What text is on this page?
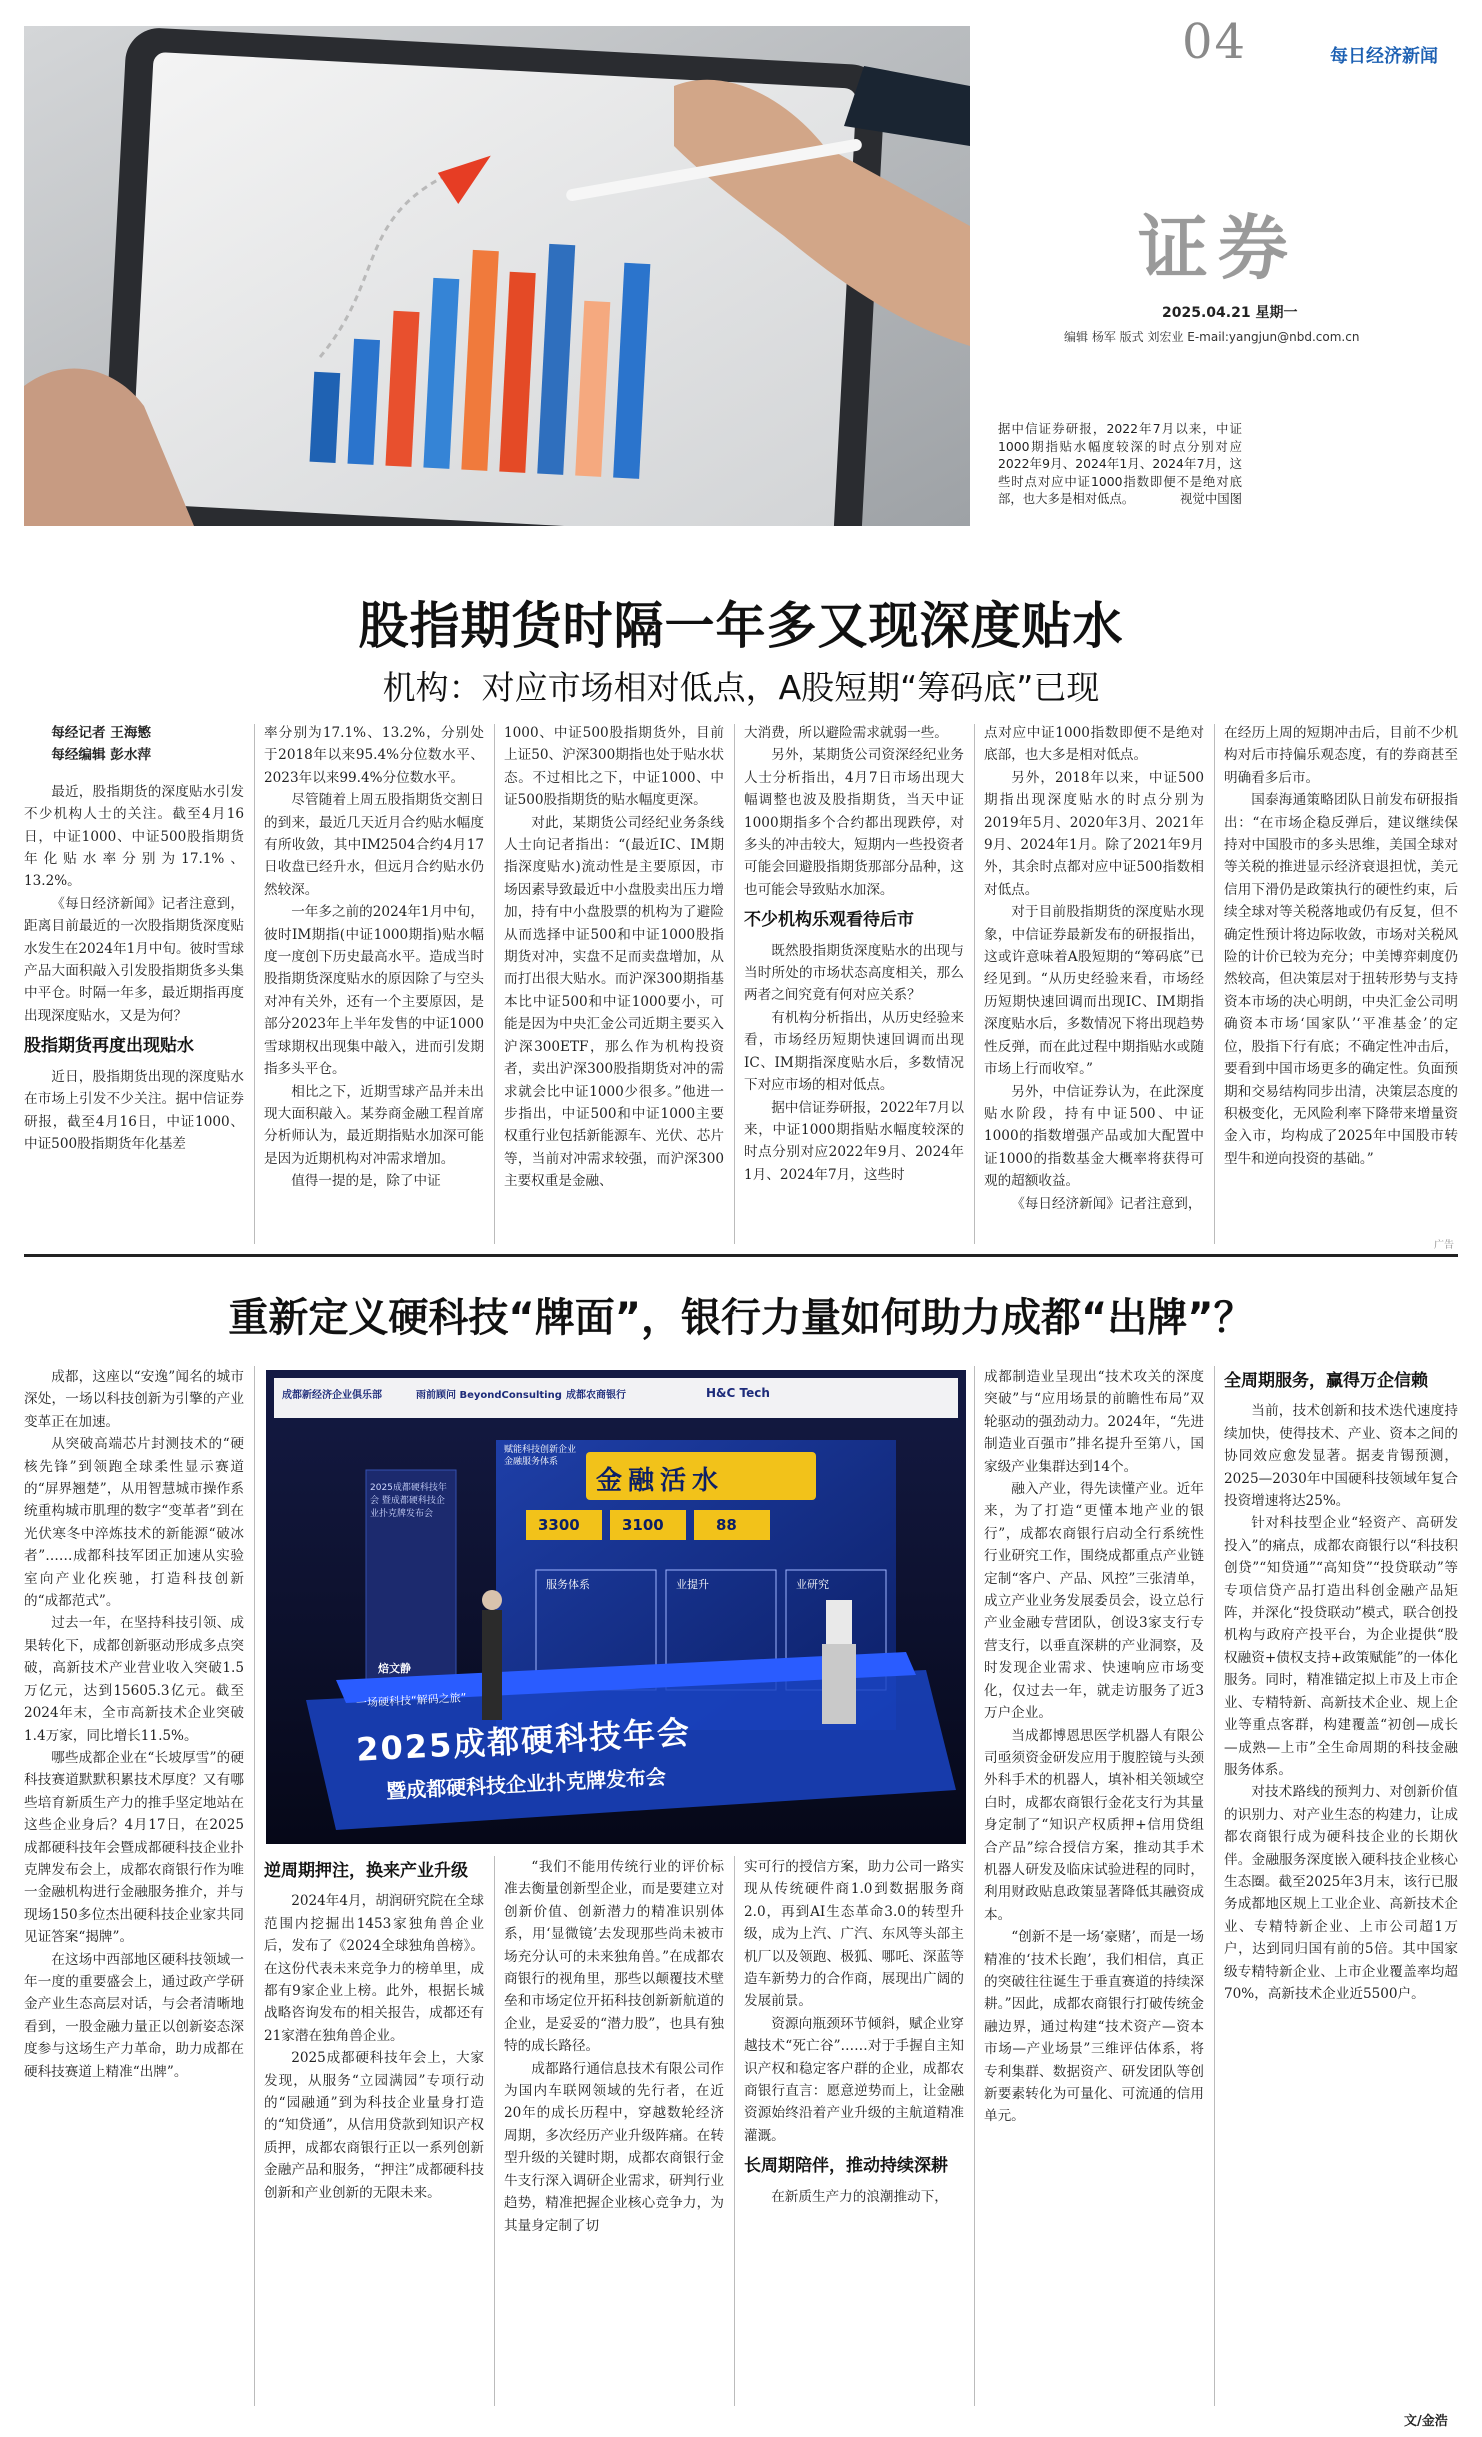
04	每日经济新闻
证券
2025.04.21 星期一
编辑 杨军 版式 刘宏业 E-mail:yangjun@nbd.com.cn
据中信证券研报，2022年7月以来，中证1000期指贴水幅度较深的时点分别对应2022年9月、2024年1月、2024年7月，这些时点对应中证1000指数即便不是绝对底部，也大多是相对低点。	视觉中国图
股指期货时隔一年多又现深度贴水
机构：对应市场相对低点，A股短期“筹码底”已现

每经记者 王海慜

每经编辑 彭水萍

最近，股指期货的深度贴水引发不少机构人士的关注。截至4月16日，中证1000、中证500股指期货年化贴水率分别为17.1%、13.2%。

《每日经济新闻》记者注意到，距离目前最近的一次股指期货深度贴水发生在2024年1月中旬。彼时雪球产品大面积敲入引发股指期货多头集中平仓。时隔一年多，最近期指再度出现深度贴水，又是为何？

股指期货再度出现贴水

近日，股指期货出现的深度贴水在市场上引发不少关注。据中信证券研报，截至4月16日，中证1000、中证500股指期货年化基差

率分别为17.1%、13.2%，分别处于2018年以来95.4%分位数水平、2023年以来99.4%分位数水平。

尽管随着上周五股指期货交割日的到来，最近几天近月合约贴水幅度有所收敛，其中IM2504合约4月17日收盘已经升水，但远月合约贴水仍然较深。

一年多之前的2024年1月中旬，彼时IM期指(中证1000期指)贴水幅度一度创下历史最高水平。造成当时股指期货深度贴水的原因除了与空头对冲有关外，还有一个主要原因，是部分2023年上半年发售的中证1000雪球期权出现集中敲入，进而引发期指多头平仓。

相比之下，近期雪球产品并未出现大面积敲入。某券商金融工程首席分析师认为，最近期指贴水加深可能是因为近期机构对冲需求增加。

值得一提的是，除了中证

1000、中证500股指期货外，目前上证50、沪深300期指也处于贴水状态。不过相比之下，中证1000、中证500股指期货的贴水幅度更深。

对此，某期货公司经纪业务条线人士向记者指出：“(最近IC、IM期指深度贴水)流动性是主要原因，市场因素导致最近中小盘股卖出压力增加，持有中小盘股票的机构为了避险从而选择中证500和中证1000股指期货对冲，实盘不足而卖盘增加，从而打出很大贴水。而沪深300期指基本比中证500和中证1000要小，可能是因为中央汇金公司近期主要买入沪深300ETF，那么作为机构投资者，卖出沪深300股指期货对冲的需求就会比中证1000少很多。”他进一步指出，中证500和中证1000主要权重行业包括新能源车、光伏、芯片等，当前对冲需求较强，而沪深300主要权重是金融、

大消费，所以避险需求就弱一些。

另外，某期货公司资深经纪业务人士分析指出，4月7日市场出现大幅调整也波及股指期货，当天中证1000期指多个合约都出现跌停，对多头的冲击较大，短期内一些投资者可能会回避股指期货那部分品种，这也可能会导致贴水加深。

不少机构乐观看待后市

既然股指期货深度贴水的出现与当时所处的市场状态高度相关，那么两者之间究竟有何对应关系？

有机构分析指出，从历史经验来看，市场经历短期快速回调而出现IC、IM期指深度贴水后，多数情况下对应市场的相对低点。

据中信证券研报，2022年7月以来，中证1000期指贴水幅度较深的时点分别对应2022年9月、2024年1月、2024年7月，这些时

点对应中证1000指数即便不是绝对底部，也大多是相对低点。

另外，2018年以来，中证500期指出现深度贴水的时点分别为2019年5月、2020年3月、2021年9月、2024年1月。除了2021年9月外，其余时点都对应中证500指数相对低点。

对于目前股指期货的深度贴水现象，中信证券最新发布的研报指出，这或许意味着A股短期的“筹码底”已经见到。“从历史经验来看，市场经历短期快速回调而出现IC、IM期指深度贴水后，多数情况下将出现趋势性反弹，而在此过程中期指贴水或随市场上行而收窄。”

另外，中信证券认为，在此深度贴水阶段，持有中证500、中证1000的指数增强产品或加大配置中证1000的指数基金大概率将获得可观的超额收益。

《每日经济新闻》记者注意到，

在经历上周的短期冲击后，目前不少机构对后市持偏乐观态度，有的券商甚至明确看多后市。

国泰海通策略团队日前发布研报指出：“在市场企稳反弹后，建议继续保持对中国股市的多头思维，美国全球对等关税的推进显示经济衰退担忧，美元信用下滑仍是政策执行的硬性约束，后续全球对等关税落地或仍有反复，但不确定性预计将边际收敛，市场对关税风险的计价已较为充分；中美博弈刺度仍然较高，但决策层对于扭转形势与支持资本市场的决心明朗，中央汇金公司明确资本市场‘国家队’‘平准基金’的定位，股指下行有底；不确定性冲击后，要看到中国市场更多的确定性。负面预期和交易结构同步出清，决策层态度的积极变化，无风险利率下降带来增量资金入市，均构成了2025年中国股市转型牛和逆向投资的基础。”

广告
重新定义硬科技“牌面”，银行力量如何助力成都“出牌”？

成都，这座以“安逸”闻名的城市深处，一场以科技创新为引擎的产业变革正在加速。

从突破高端芯片封测技术的“硬核先锋”到领跑全球柔性显示赛道的“屏界翘楚”，从用智慧城市操作系统重构城市肌理的数字“变革者”到在光伏寒冬中淬炼技术的新能源“破冰者”……成都科技军团正加速从实验室向产业化疾驰，打造科技创新的“成都范式”。

过去一年，在坚持科技引领、成果转化下，成都创新驱动形成多点突破，高新技术产业营业收入突破1.5万亿元，达到15605.3亿元。截至2024年末，全市高新技术企业突破1.4万家，同比增长11.5%。

哪些成都企业在“长坡厚雪”的硬科技赛道默默积累技术厚度？又有哪些培育新质生产力的推手坚定地站在这些企业身后？4月17日，在2025成都硬科技年会暨成都硬科技企业扑克牌发布会上，成都农商银行作为唯一金融机构进行金融服务推介，并与现场150多位杰出硬科技企业家共同见证答案“揭牌”。

在这场中西部地区硬科技领域一年一度的重要盛会上，通过政产学研金产业生态高层对话，与会者清晰地看到，一股金融力量正以创新姿态深度参与这场生产力革命，助力成都在硬科技赛道上精准“出牌”。

成都新经济企业俱乐部	雨前顾问 BeyondConsulting 成都农商银行	H&C Tech
2025成都硬科技年会 暨成都硬科技企业扑克牌发布会
金融活水
赋能科技创新企业 金融服务体系
3300	3100	88
服务体系	业提升	业研究
焙文静
一场硬科技“解码之旅”
2025成都硬科技年会
暨成都硬科技企业扑克牌发布会
逆周期押注，换来产业升级

2024年4月，胡润研究院在全球范围内挖掘出1453家独角兽企业后，发布了《2024全球独角兽榜》。在这份代表未来竞争力的榜单里，成都有9家企业上榜。此外，根据长城战略咨询发布的相关报告，成都还有21家潜在独角兽企业。

2025成都硬科技年会上，大家发现，从服务“立园满园”专项行动的“园融通”到为科技企业量身打造的“知贷通”，从信用贷款到知识产权质押，成都农商银行正以一系列创新金融产品和服务，“押注”成都硬科技创新和产业创新的无限未来。

“我们不能用传统行业的评价标准去衡量创新型企业，而是要建立对创新价值、创新潜力的精准识别体系，用‘显微镜’去发现那些尚未被市场充分认可的未来独角兽。”在成都农商银行的视角里，那些以颠覆技术壁垒和市场定位开拓科技创新新航道的企业，是妥妥的“潜力股”，也具有独特的成长路径。

成都路行通信息技术有限公司作为国内车联网领域的先行者，在近20年的成长历程中，穿越数轮经济周期，多次经历产业升级阵痛。在转型升级的关键时期，成都农商银行金牛支行深入调研企业需求，研判行业趋势，精准把握企业核心竞争力，为其量身定制了切

实可行的授信方案，助力公司一路实现从传统硬件商1.0到数据服务商2.0，再到AI生态革命3.0的转型升级，成为上汽、广汽、东风等头部主机厂以及领跑、极狐、哪吒、深蓝等造车新势力的合作商，展现出广阔的发展前景。

资源向瓶颈环节倾斜，赋企业穿越技术“死亡谷”……对于手握自主知识产权和稳定客户群的企业，成都农商银行直言：愿意逆势而上，让金融资源始终沿着产业升级的主航道精准灌溉。

长周期陪伴，推动持续深耕

在新质生产力的浪潮推动下，

成都制造业呈现出“技术攻关的深度突破”与“应用场景的前瞻性布局”双轮驱动的强劲动力。2024年，“先进制造业百强市”排名提升至第八，国家级产业集群达到14个。

融入产业，得先读懂产业。近年来，为了打造“更懂本地产业的银行”，成都农商银行启动全行系统性行业研究工作，围绕成都重点产业链定制“客户、产品、风控”三张清单，成立产业业务发展委员会，设立总行产业金融专营团队，创设3家支行专营支行，以垂直深耕的产业洞察，及时发现企业需求、快速响应市场变化，仅过去一年，就走访服务了近3万户企业。

当成都博恩思医学机器人有限公司亟须资金研发应用于腹腔镜与头颈外科手术的机器人，填补相关领域空白时，成都农商银行金花支行为其量身定制了“知识产权质押+信用贷组合产品”综合授信方案，推动其手术机器人研发及临床试验进程的同时，利用财政贴息政策显著降低其融资成本。

“创新不是一场‘豪赌’，而是一场精准的‘技术长跑’，我们相信，真正的突破往往诞生于垂直赛道的持续深耕。”因此，成都农商银行打破传统金融边界，通过构建“技术资产—资本市场—产业场景”三维评估体系，将专利集群、数据资产、研发团队等创新要素转化为可量化、可流通的信用单元。

全周期服务，赢得万企信赖

当前，技术创新和技术迭代速度持续加快，使得技术、产业、资本之间的协同效应愈发显著。据麦肯锡预测，2025—2030年中国硬科技领域年复合投资增速将达25%。

针对科技型企业“轻资产、高研发投入”的痛点，成都农商银行以“科技积创贷”“知贷通”“高知贷”“投贷联动”等专项信贷产品打造出科创金融产品矩阵，并深化“投贷联动”模式，联合创投机构与政府产投平台，为企业提供“股权融资+债权支持+政策赋能”的一体化服务。同时，精准锚定拟上市及上市企业、专精特新、高新技术企业、规上企业等重点客群，构建覆盖“初创—成长—成熟—上市”全生命周期的科技金融服务体系。

对技术路线的预判力、对创新价值的识别力、对产业生态的构建力，让成都农商银行成为硬科技企业的长期伙伴。金融服务深度嵌入硬科技企业核心生态圈。截至2025年3月末，该行已服务成都地区规上工业企业、高新技术企业、专精特新企业、上市公司超1万户，达到同归国有前的5倍。其中国家级专精特新企业、上市企业覆盖率均超70%，高新技术企业近5500户。

文/金浩
